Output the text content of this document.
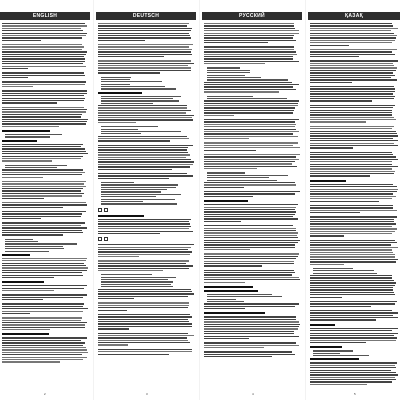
ENGLISH	DEUTSCH	РУССКИЙ	ҚАЗАҚ
2	3	4	5
